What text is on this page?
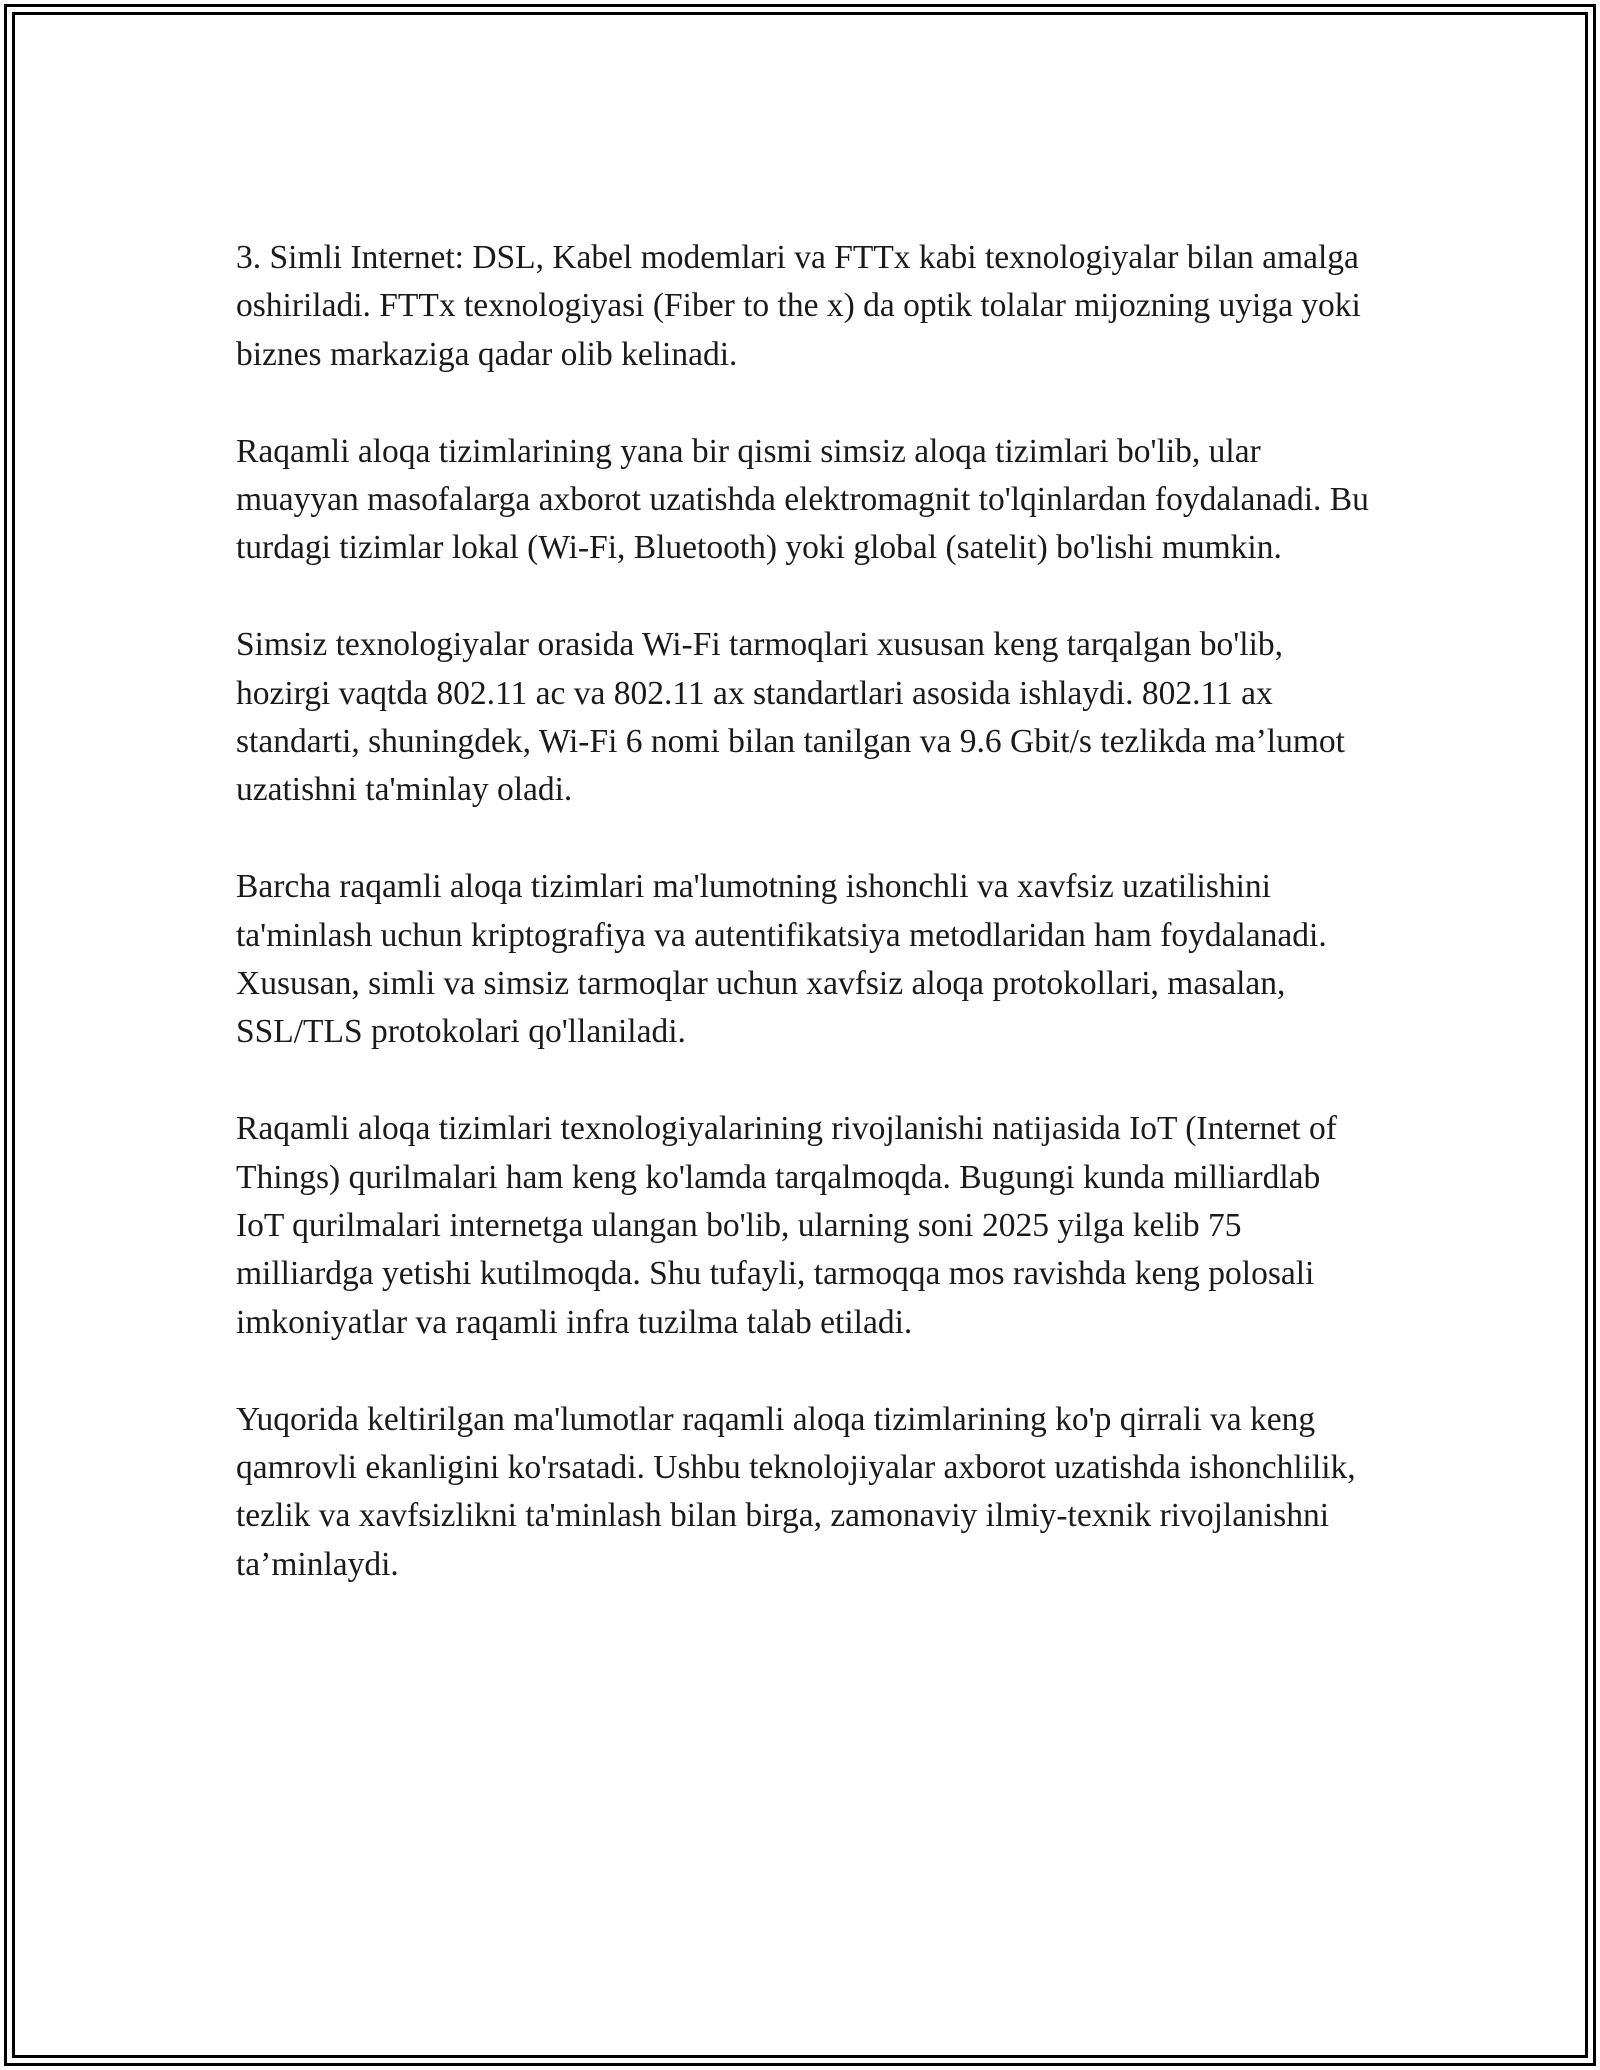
3. Simli Internet: DSL, Kabel modemlari va FTTx kabi texnologiyalar bilan amalga oshiriladi. FTTx texnologiyasi (Fiber to the x) da optik tolalar mijozning uyiga yoki biznes markaziga qadar olib kelinadi.

Raqamli aloqa tizimlarining yana bir qismi simsiz aloqa tizimlari bo'lib, ular muayyan masofalarga axborot uzatishda elektromagnit to'lqinlardan foydalanadi. Bu turdagi tizimlar lokal (Wi-Fi, Bluetooth) yoki global (satelit) bo'lishi mumkin.

Simsiz texnologiyalar orasida Wi-Fi tarmoqlari xususan keng tarqalgan bo'lib, hozirgi vaqtda 802.11 ac va 802.11 ax standartlari asosida ishlaydi. 802.11 ax standarti, shuningdek, Wi-Fi 6 nomi bilan tanilgan va 9.6 Gbit/s tezlikda ma’lumot uzatishni ta'minlay oladi.

Barcha raqamli aloqa tizimlari ma'lumotning ishonchli va xavfsiz uzatilishini ta'minlash uchun kriptografiya va autentifikatsiya metodlaridan ham foydalanadi. Xususan, simli va simsiz tarmoqlar uchun xavfsiz aloqa protokollari, masalan, SSL/TLS protokolari qo'llaniladi.

Raqamli aloqa tizimlari texnologiyalarining rivojlanishi natijasida IoT (Internet of Things) qurilmalari ham keng ko'lamda tarqalmoqda. Bugungi kunda milliardlab IoT qurilmalari internetga ulangan bo'lib, ularning soni 2025 yilga kelib 75 milliardga yetishi kutilmoqda. Shu tufayli, tarmoqqa mos ravishda keng polosali imkoniyatlar va raqamli infra tuzilma talab etiladi.

Yuqorida keltirilgan ma'lumotlar raqamli aloqa tizimlarining ko'p qirrali va keng qamrovli ekanligini ko'rsatadi. Ushbu teknolojiyalar axborot uzatishda ishonchlilik, tezlik va xavfsizlikni ta'minlash bilan birga, zamonaviy ilmiy-texnik rivojlanishni ta’minlaydi.
